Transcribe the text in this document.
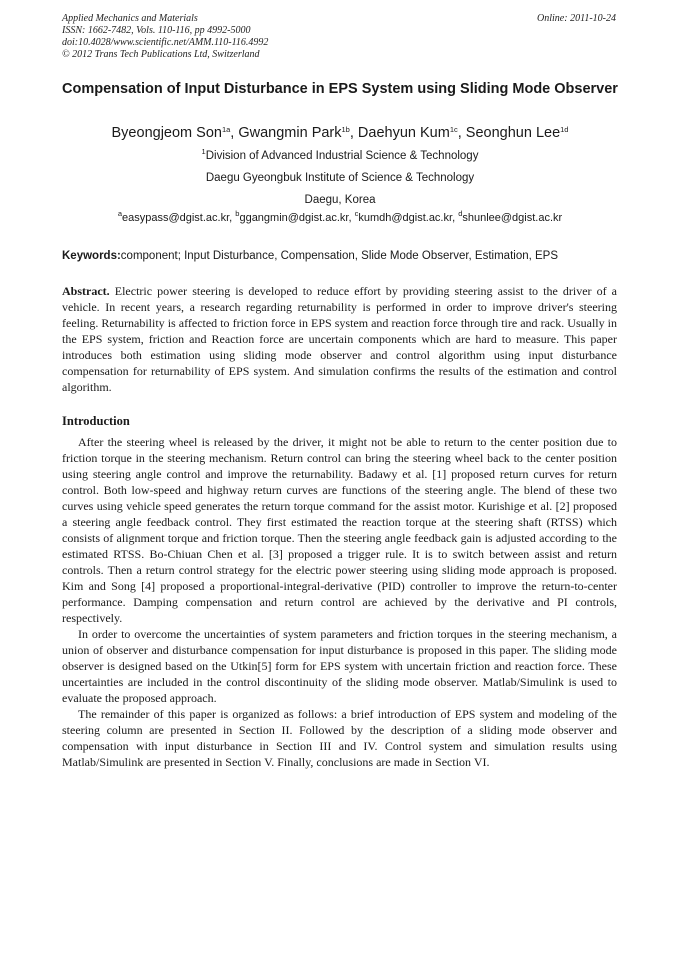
Applied Mechanics and Materials
ISSN: 1662-7482, Vols. 110-116, pp 4992-5000
doi:10.4028/www.scientific.net/AMM.110-116.4992
© 2012 Trans Tech Publications Ltd, Switzerland
Online: 2011-10-24
Compensation of Input Disturbance in EPS System using Sliding Mode Observer
Byeongjeom Son$^{1a}$, Gwangmin Park$^{1b}$, Daehyun Kum$^{1c}$, Seonghun Lee$^{1d}$
$^1$Division of Advanced Industrial Science & Technology
Daegu Gyeongbuk Institute of Science & Technology
Daegu, Korea
$^a$easypass@dgist.ac.kr, $^b$ggangmin@dgist.ac.kr, $^c$kumdh@dgist.ac.kr, $^d$shunlee@dgist.ac.kr
Keywords:component; Input Disturbance, Compensation, Slide Mode Observer, Estimation, EPS
Abstract. Electric power steering is developed to reduce effort by providing steering assist to the driver of a vehicle. In recent years, a research regarding returnability is performed in order to improve driver's steering feeling. Returnability is affected to friction force in EPS system and reaction force through tire and rack. Usually in the EPS system, friction and Reaction force are uncertain components which are hard to measure. This paper introduces both estimation using sliding mode observer and control algorithm using input disturbance compensation for returnability of EPS system. And simulation confirms the results of the estimation and control algorithm.
Introduction

After the steering wheel is released by the driver, it might not be able to return to the center position due to friction torque in the steering mechanism. Return control can bring the steering wheel back to the center position using steering angle control and improve the returnability. Badawy et al. [1] proposed return curves for return control. Both low-speed and highway return curves are functions of the steering angle. The blend of these two curves using vehicle speed generates the return torque command for the assist motor. Kurishige et al. [2] proposed a steering angle feedback control. They first estimated the reaction torque at the steering shaft (RTSS) which consists of alignment torque and friction torque. Then the steering angle feedback gain is adjusted according to the estimated RTSS. Bo-Chiuan Chen et al. [3] proposed a trigger rule. It is to switch between assist and return controls. Then a return control strategy for the electric power steering using sliding mode approach is proposed. Kim and Song [4] proposed a proportional-integral-derivative (PID) controller to improve the return-to-center performance. Damping compensation and return control are achieved by the derivative and PI controls, respectively.

In order to overcome the uncertainties of system parameters and friction torques in the steering mechanism, a union of observer and disturbance compensation for input disturbance is proposed in this paper. The sliding mode observer is designed based on the Utkin[5] form for EPS system with uncertain friction and reaction force. These uncertainties are included in the control discontinuity of the sliding mode observer. Matlab/Simulink is used to evaluate the proposed approach.

The remainder of this paper is organized as follows: a brief introduction of EPS system and modeling of the steering column are presented in Section II. Followed by the description of a sliding mode observer and compensation with input disturbance in Section III and IV. Control system and simulation results using Matlab/Simulink are presented in Section V. Finally, conclusions are made in Section VI.
